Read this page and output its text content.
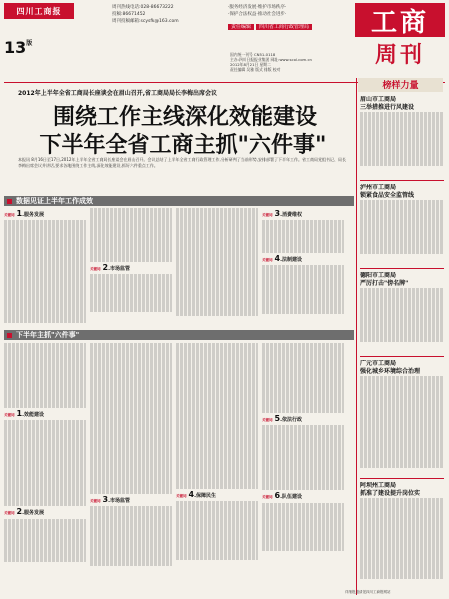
四川工商报	周刊热线电话:028-86673222
投稿:86671452
周刊投稿邮箱:scysfk@163.com
·服务经济发展·维护市场秩序·
·保护合法权益·推动社会进步·
责任编辑 四川省工商行政管理局	工商
周刊
$13^版$
国内统一刊号 CN51-0118
主办:四川日报报业集团 网址:www.scol.com.cn
2012年8月21日 星期二
责任编辑 吴雅 版式 排版 校对
2012年上半年全省工商局长座谈会在眉山召开,省工商局局长李梅出席会议
围绕工作主线深化效能建设
下半年全省工商主抓"六件事"
本报讯 8月16日至17日,2012年上半年全省工商局长座谈会在眉山召开。会议总结了上半年全省工商行政管理工作,分析研判了当前形势,安排部署了下半年工作。省工商局党组书记、局长李梅出席会议并讲话,要求各地围绕工作主线,深化效能建设,抓好六件重点工作。
数据见证上半年工作成效
关键词 1.服务发展
关键词 2.市场监管
关键词 3.消费维权
关键词 4.法制建设
下半年主抓"六件事"
关键词 1.效能建设
关键词 2.服务发展
关键词 3.市场监管
关键词 4.保障民生
关键词 5.依法行政
关键词 6.队伍建设
榜样力量
眉山市工商局
三举措推进行风建设
泸州市工商局
锁紧食品安全监管线
德阳市工商局
严厉打击"傍名牌"
广元市工商局
强化城乡环境综合治理
阿坝州工商局
抓准了建设提升岗位实
详细报道请见四川工商报网站
